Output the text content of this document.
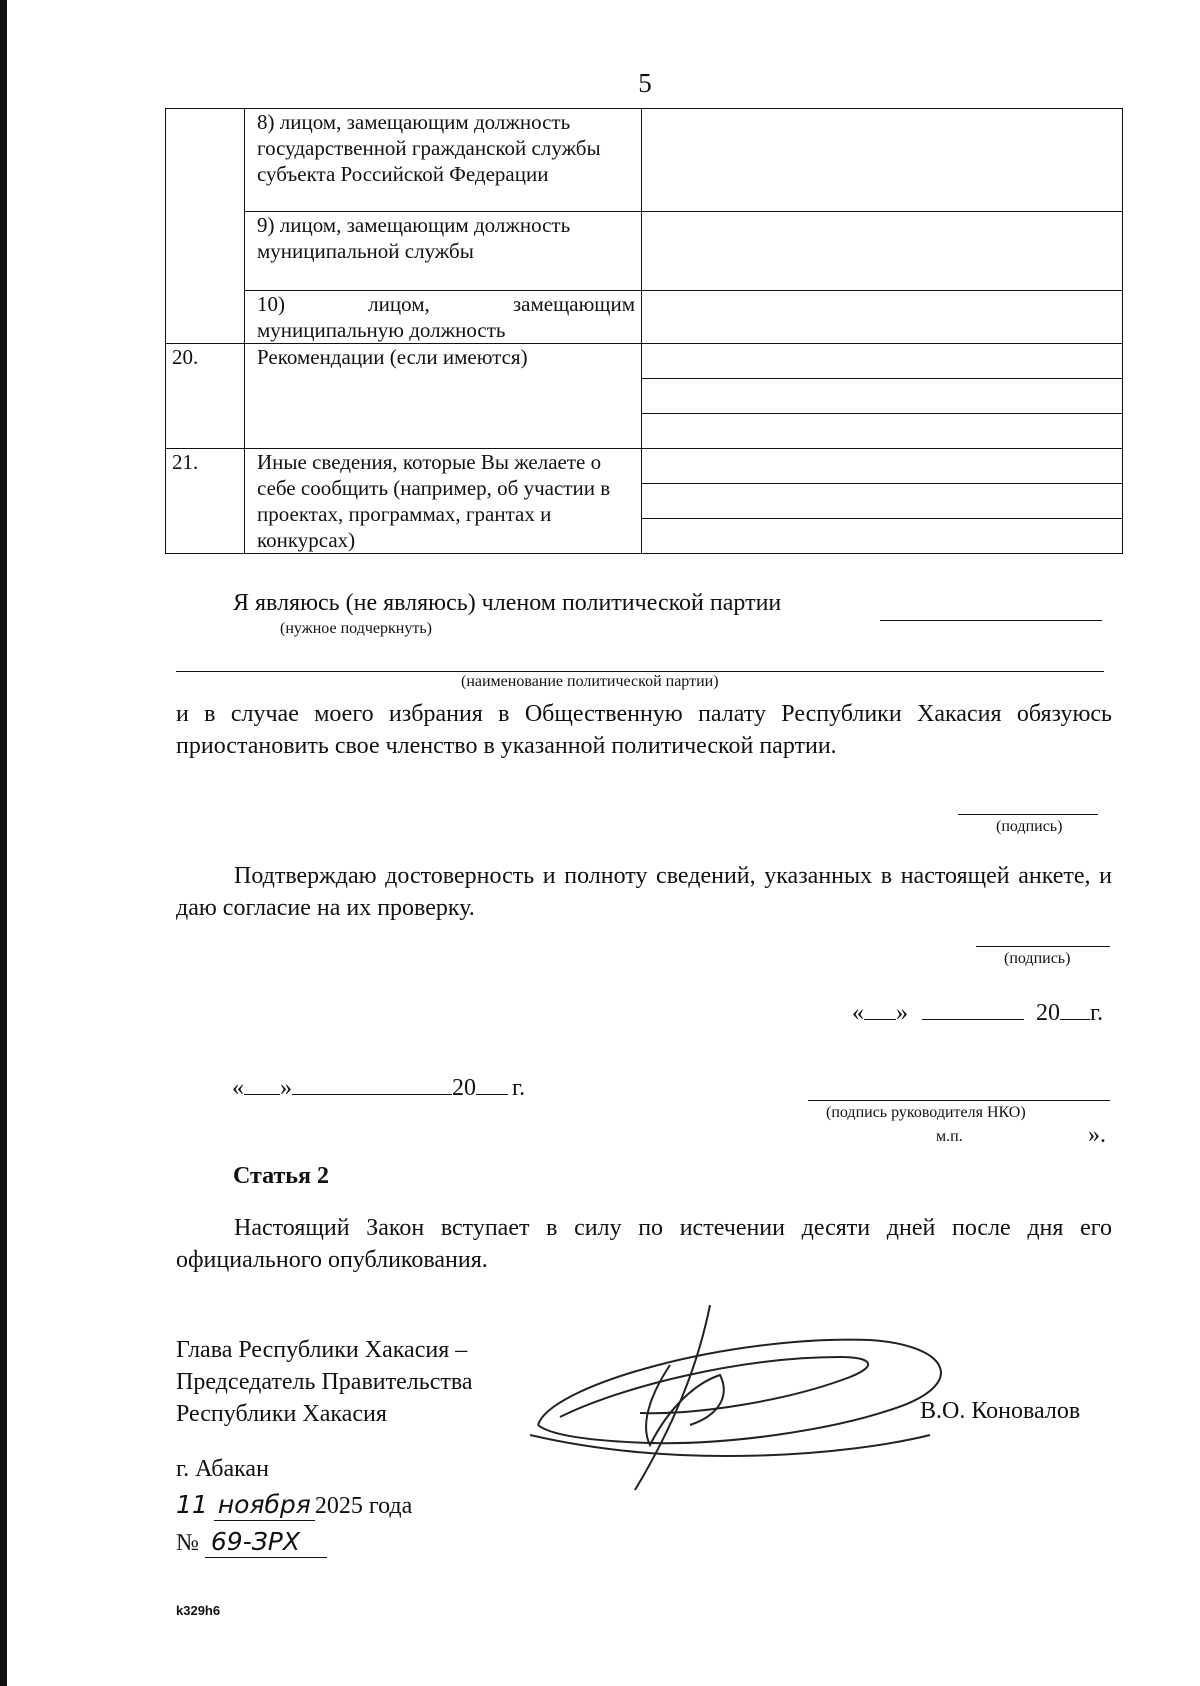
5
	8) лицом, замещающим должность государственной гражданской службы субъекта Российской Федерации	
	9) лицом, замещающим должность муниципальной службы	

	10) лицом, замещающим
муниципальную должность	
20.	Рекомендации (если имеются)	

21.	Иные сведения, которые Вы желаете о себе сообщить (например, об участии в проектах, программах, грантах и конкурсах)	
Я являюсь (не являюсь) членом политической партии
(нужное подчеркнуть)
(наименование политической партии)
и в случае моего избрания в Общественную палату Республики Хакасия обязуюсь приостановить свое членство в указанной политической партии.
(подпись)
Подтверждаю достоверность и полноту сведений, указанных в настоящей анкете, и даю согласие на их проверку.
(подпись)
« »	20 г.
« »	20 г.
(подпись руководителя НКО)
м.п.	».
Статья 2
Настоящий Закон вступает в силу по истечении десяти дней после дня его официального опубликования.
Глава Республики Хакасия –
Председатель Правительства
Республики Хакасия	В.О. Коновалов
г. Абакан
11 ноября 2025 года
№ 69-ЗРХ
k329h6
